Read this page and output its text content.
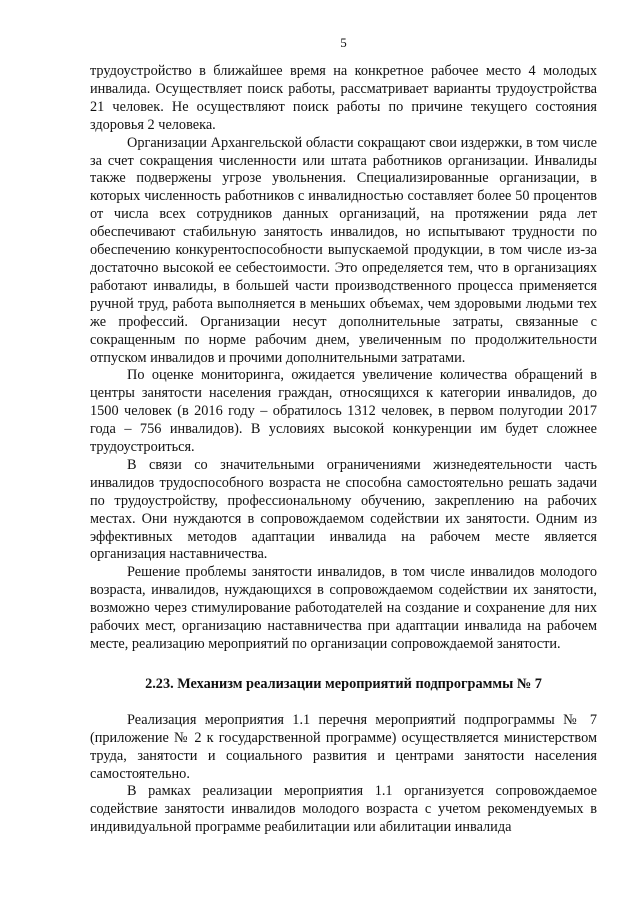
5

трудоустройство в ближайшее время на конкретное рабочее место 4 молодых инвалида. Осуществляет поиск работы, рассматривает варианты трудоустройства 21 человек. Не осуществляют поиск работы по причине текущего состояния здоровья 2 человека.

Организации Архангельской области сокращают свои издержки, в том числе за счет сокращения численности или штата работников организации. Инвалиды также подвержены угрозе увольнения. Специализированные организации, в которых численность работников с инвалидностью составляет более 50 процентов от числа всех сотрудников данных организаций, на протяжении ряда лет обеспечивают стабильную занятость инвалидов, но испытывают трудности по обеспечению конкурентоспособности выпускаемой продукции, в том числе из-за достаточно высокой ее себестоимости. Это определяется тем, что в организациях работают инвалиды, в большей части производственного процесса применяется ручной труд, работа выполняется в меньших объемах, чем здоровыми людьми тех же профессий. Организации несут дополнительные затраты, связанные с сокращенным по норме рабочим днем, увеличенным по продолжительности отпуском инвалидов и прочими дополнительными затратами.

По оценке мониторинга, ожидается увеличение количества обращений в центры занятости населения граждан, относящихся к категории инвалидов, до 1500 человек (в 2016 году – обратилось 1312 человек, в первом полугодии 2017 года – 756 инвалидов). В условиях высокой конкуренции им будет сложнее трудоустроиться.

В связи со значительными ограничениями жизнедеятельности часть инвалидов трудоспособного возраста не способна самостоятельно решать задачи по трудоустройству, профессиональному обучению, закреплению на рабочих местах. Они нуждаются в сопровождаемом содействии их занятости. Одним из эффективных методов адаптации инвалида на рабочем месте является организация наставничества.

Решение проблемы занятости инвалидов, в том числе инвалидов молодого возраста, инвалидов, нуждающихся в сопровождаемом содействии их занятости, возможно через стимулирование работодателей на создание и сохранение для них рабочих мест, организацию наставничества при адаптации инвалида на рабочем месте, реализацию мероприятий по организации сопровождаемой занятости.

2.23. Механизм реализации мероприятий подпрограммы № 7

Реализация мероприятия 1.1 перечня мероприятий подпрограммы № 7 (приложение № 2 к государственной программе) осуществляется министерством труда, занятости и социального развития и центрами занятости населения самостоятельно.

В рамках реализации мероприятия 1.1 организуется сопровождаемое содействие занятости инвалидов молодого возраста с учетом рекомендуемых в индивидуальной программе реабилитации или абилитации инвалида
